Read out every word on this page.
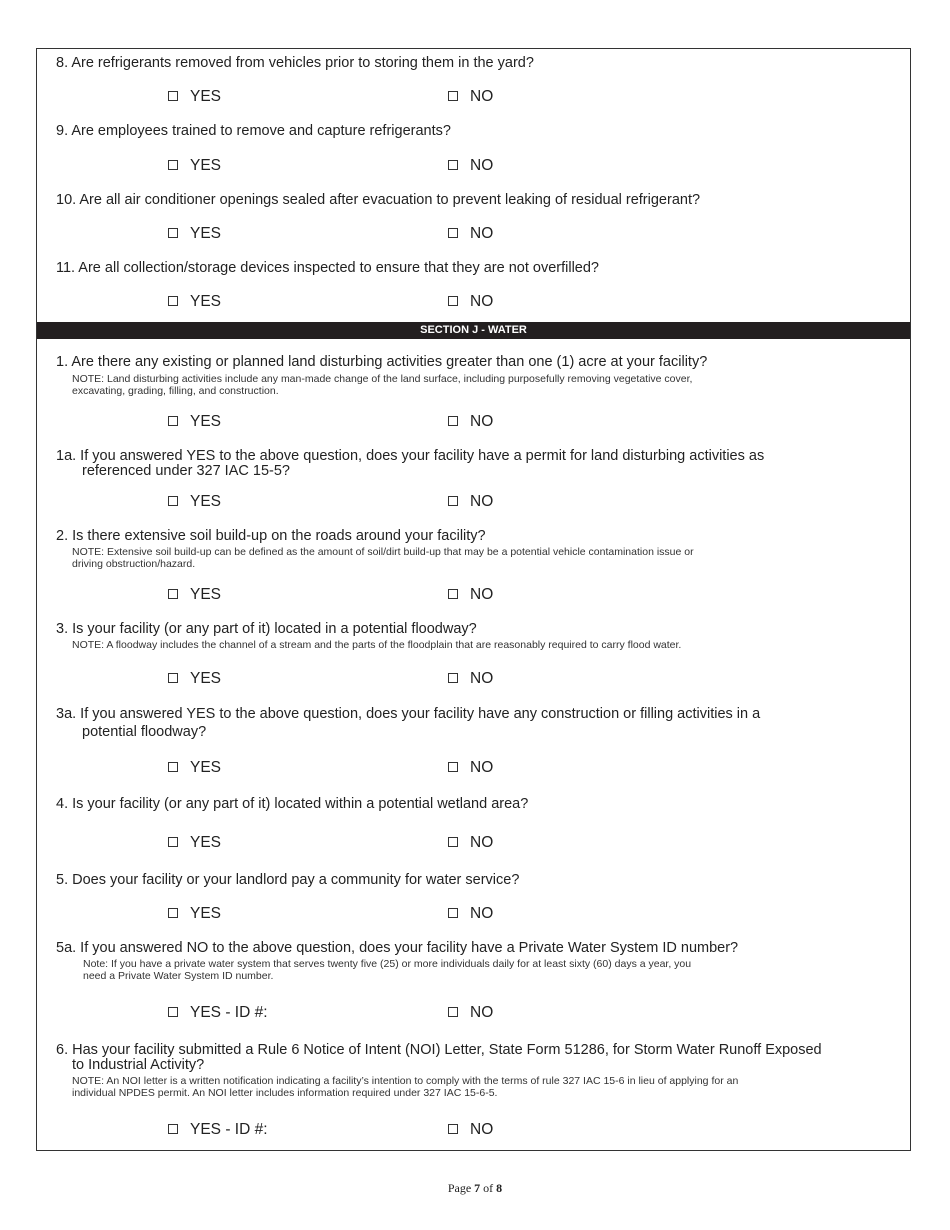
8. Are refrigerants removed from vehicles prior to storing them in the yard?
YES	NO
9. Are employees trained to remove and capture refrigerants?
YES	NO
10. Are all air conditioner openings sealed after evacuation to prevent leaking of residual refrigerant?
YES	NO
11. Are all collection/storage devices inspected to ensure that they are not overfilled?
YES	NO
SECTION J - WATER
1. Are there any existing or planned land disturbing activities greater than one (1) acre at your facility?
NOTE: Land disturbing activities include any man-made change of the land surface, including purposefully removing vegetative cover,
excavating, grading, filling, and construction.
YES	NO
1a. If you answered YES to the above question, does your facility have a permit for land disturbing activities as
referenced under 327 IAC 15-5?
YES	NO
2. Is there extensive soil build-up on the roads around your facility?
NOTE: Extensive soil build-up can be defined as the amount of soil/dirt build-up that may be a potential vehicle contamination issue or
driving obstruction/hazard.
YES	NO
3. Is your facility (or any part of it) located in a potential floodway?
NOTE: A floodway includes the channel of a stream and the parts of the floodplain that are reasonably required to carry flood water.
YES	NO
3a. If you answered YES to the above question, does your facility have any construction or filling activities in a
potential floodway?
YES	NO
4. Is your facility (or any part of it) located within a potential wetland area?
YES	NO
5. Does your facility or your landlord pay a community for water service?
YES	NO
5a. If you answered NO to the above question, does your facility have a Private Water System ID number?
Note: If you have a private water system that serves twenty five (25) or more individuals daily for at least sixty (60) days a year, you
need a Private Water System ID number.
YES - ID #:	NO
6. Has your facility submitted a Rule 6 Notice of Intent (NOI) Letter, State Form 51286, for Storm Water Runoff Exposed
to Industrial Activity?
NOTE: An NOI letter is a written notification indicating a facility’s intention to comply with the terms of rule 327 IAC 15-6 in lieu of applying for an
individual NPDES permit. An NOI letter includes information required under 327 IAC 15-6-5.
YES - ID #:	NO
Page 7 of 8
